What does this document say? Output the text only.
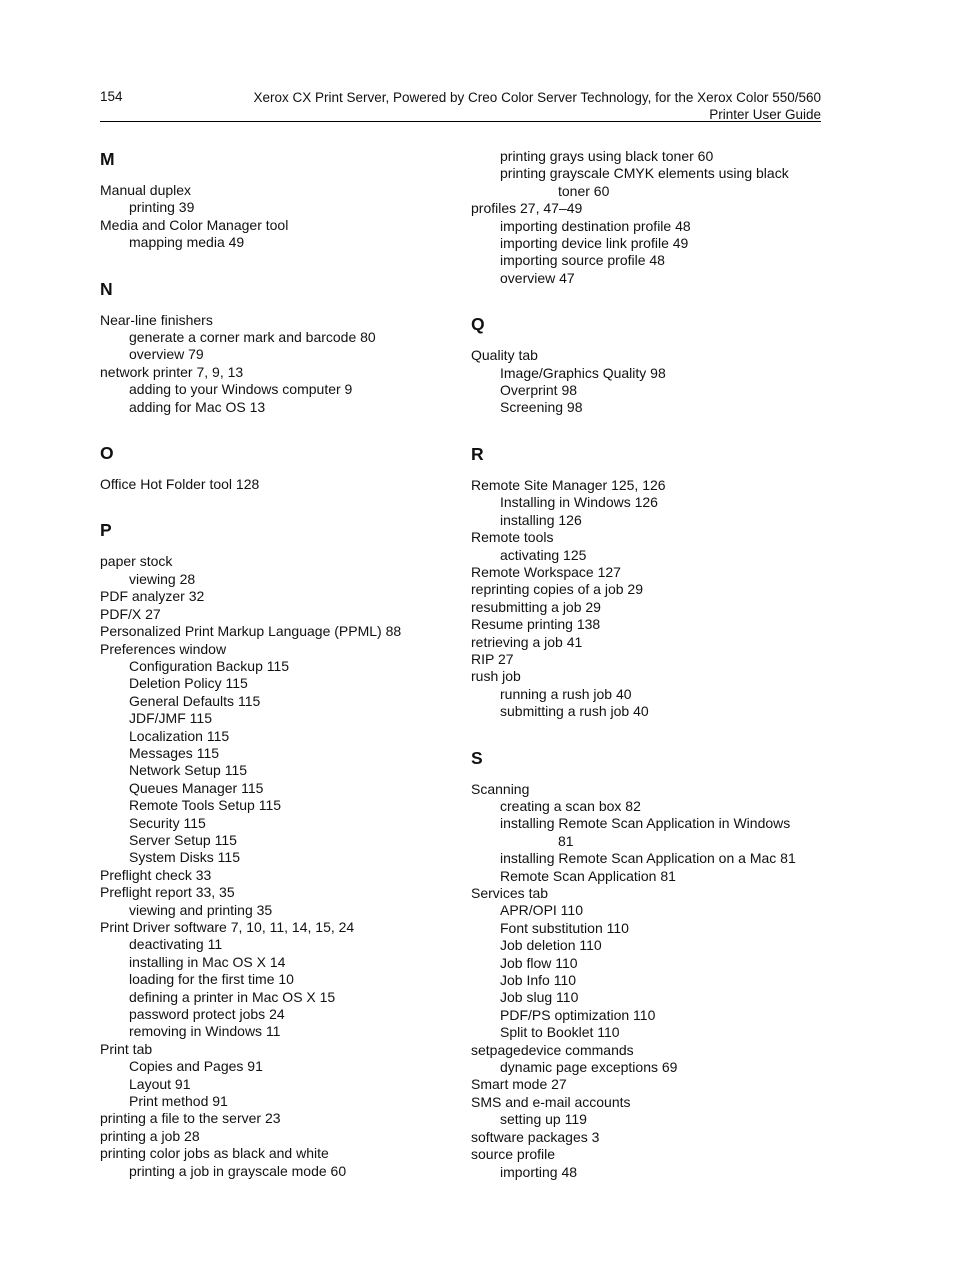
154	Xerox CX Print Server, Powered by Creo Color Server Technology, for the Xerox Color 550/560
Printer User Guide
M
Manual duplex
printing 39
Media and Color Manager tool
mapping media 49
N
Near-line finishers
generate a corner mark and barcode 80
overview 79
network printer 7, 9, 13
adding to your Windows computer 9
adding for Mac OS 13
O
Office Hot Folder tool 128
P
paper stock
viewing 28
PDF analyzer 32
PDF/X 27
Personalized Print Markup Language (PPML) 88
Preferences window
Configuration Backup 115
Deletion Policy 115
General Defaults 115
JDF/JMF 115
Localization 115
Messages 115
Network Setup 115
Queues Manager 115
Remote Tools Setup 115
Security 115
Server Setup 115
System Disks 115
Preflight check 33
Preflight report 33, 35
viewing and printing 35
Print Driver software 7, 10, 11, 14, 15, 24
deactivating 11
installing in Mac OS X 14
loading for the first time 10
defining a printer in Mac OS X 15
password protect jobs 24
removing in Windows 11
Print tab
Copies and Pages 91
Layout 91
Print method 91
printing a file to the server 23
printing a job 28
printing color jobs as black and white
printing a job in grayscale mode 60
printing grays using black toner 60
printing grayscale CMYK elements using black
toner 60
profiles 27, 47–49
importing destination profile 48
importing device link profile 49
importing source profile 48
overview 47
Q
Quality tab
Image/Graphics Quality 98
Overprint 98
Screening 98
R
Remote Site Manager 125, 126
Installing in Windows 126
installing 126
Remote tools
activating 125
Remote Workspace 127
reprinting copies of a job 29
resubmitting a job 29
Resume printing 138
retrieving a job 41
RIP 27
rush job
running a rush job 40
submitting a rush job 40
S
Scanning
creating a scan box 82
installing Remote Scan Application in Windows
81
installing Remote Scan Application on a Mac 81
Remote Scan Application 81
Services tab
APR/OPI 110
Font substitution 110
Job deletion 110
Job flow 110
Job Info 110
Job slug 110
PDF/PS optimization 110
Split to Booklet 110
setpagedevice commands
dynamic page exceptions 69
Smart mode 27
SMS and e-mail accounts
setting up 119
software packages 3
source profile
importing 48
